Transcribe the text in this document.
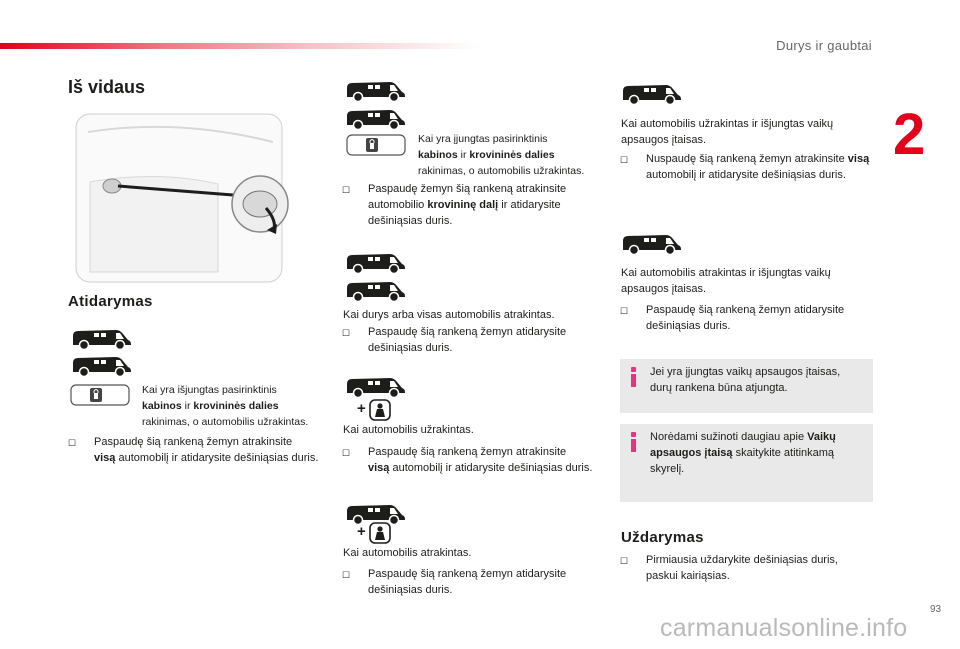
Durys ir gaubtai
2
93
carmanualsonline.info
Iš vidaus
Atidarymas
Kai yra išjungtas pasirinktinis
kabinos ir krovininės dalies
rakinimas, o automobilis užrakintas.
☐	Paspaudę šią rankeną žemyn atrakinsite
visą automobilį ir atidarysite dešiniąsias duris.
Kai yra įjungtas pasirinktinis
kabinos ir krovininės dalies
rakinimas, o automobilis užrakintas.
☐	Paspaudę žemyn šią rankeną atrakinsite automobilio krovininę dalį ir atidarysite dešiniąsias duris.
Kai durys arba visas automobilis atrakintas.
☐	Paspaudę šią rankeną žemyn atidarysite dešiniąsias duris.
Kai automobilis užrakintas.
☐	Paspaudę šią rankeną žemyn atrakinsite
visą automobilį ir atidarysite dešiniąsias duris.
Kai automobilis atrakintas.
☐	Paspaudę šią rankeną žemyn atidarysite dešiniąsias duris.
Kai automobilis užrakintas ir išjungtas vaikų apsaugos įtaisas.
☐	Nuspaudę šią rankeną žemyn atrakinsite visą automobilį ir atidarysite dešiniąsias duris.
Kai automobilis atrakintas ir išjungtas vaikų apsaugos įtaisas.
☐	Paspaudę šią rankeną žemyn atidarysite dešiniąsias duris.
Jei yra įjungtas vaikų apsaugos įtaisas, durų rankena būna atjungta.
Norėdami sužinoti daugiau apie Vaikų apsaugos įtaisą skaitykite atitinkamą skyrelį.
Uždarymas
☐	Pirmiausia uždarykite dešiniąsias duris, paskui kairiąsias.
